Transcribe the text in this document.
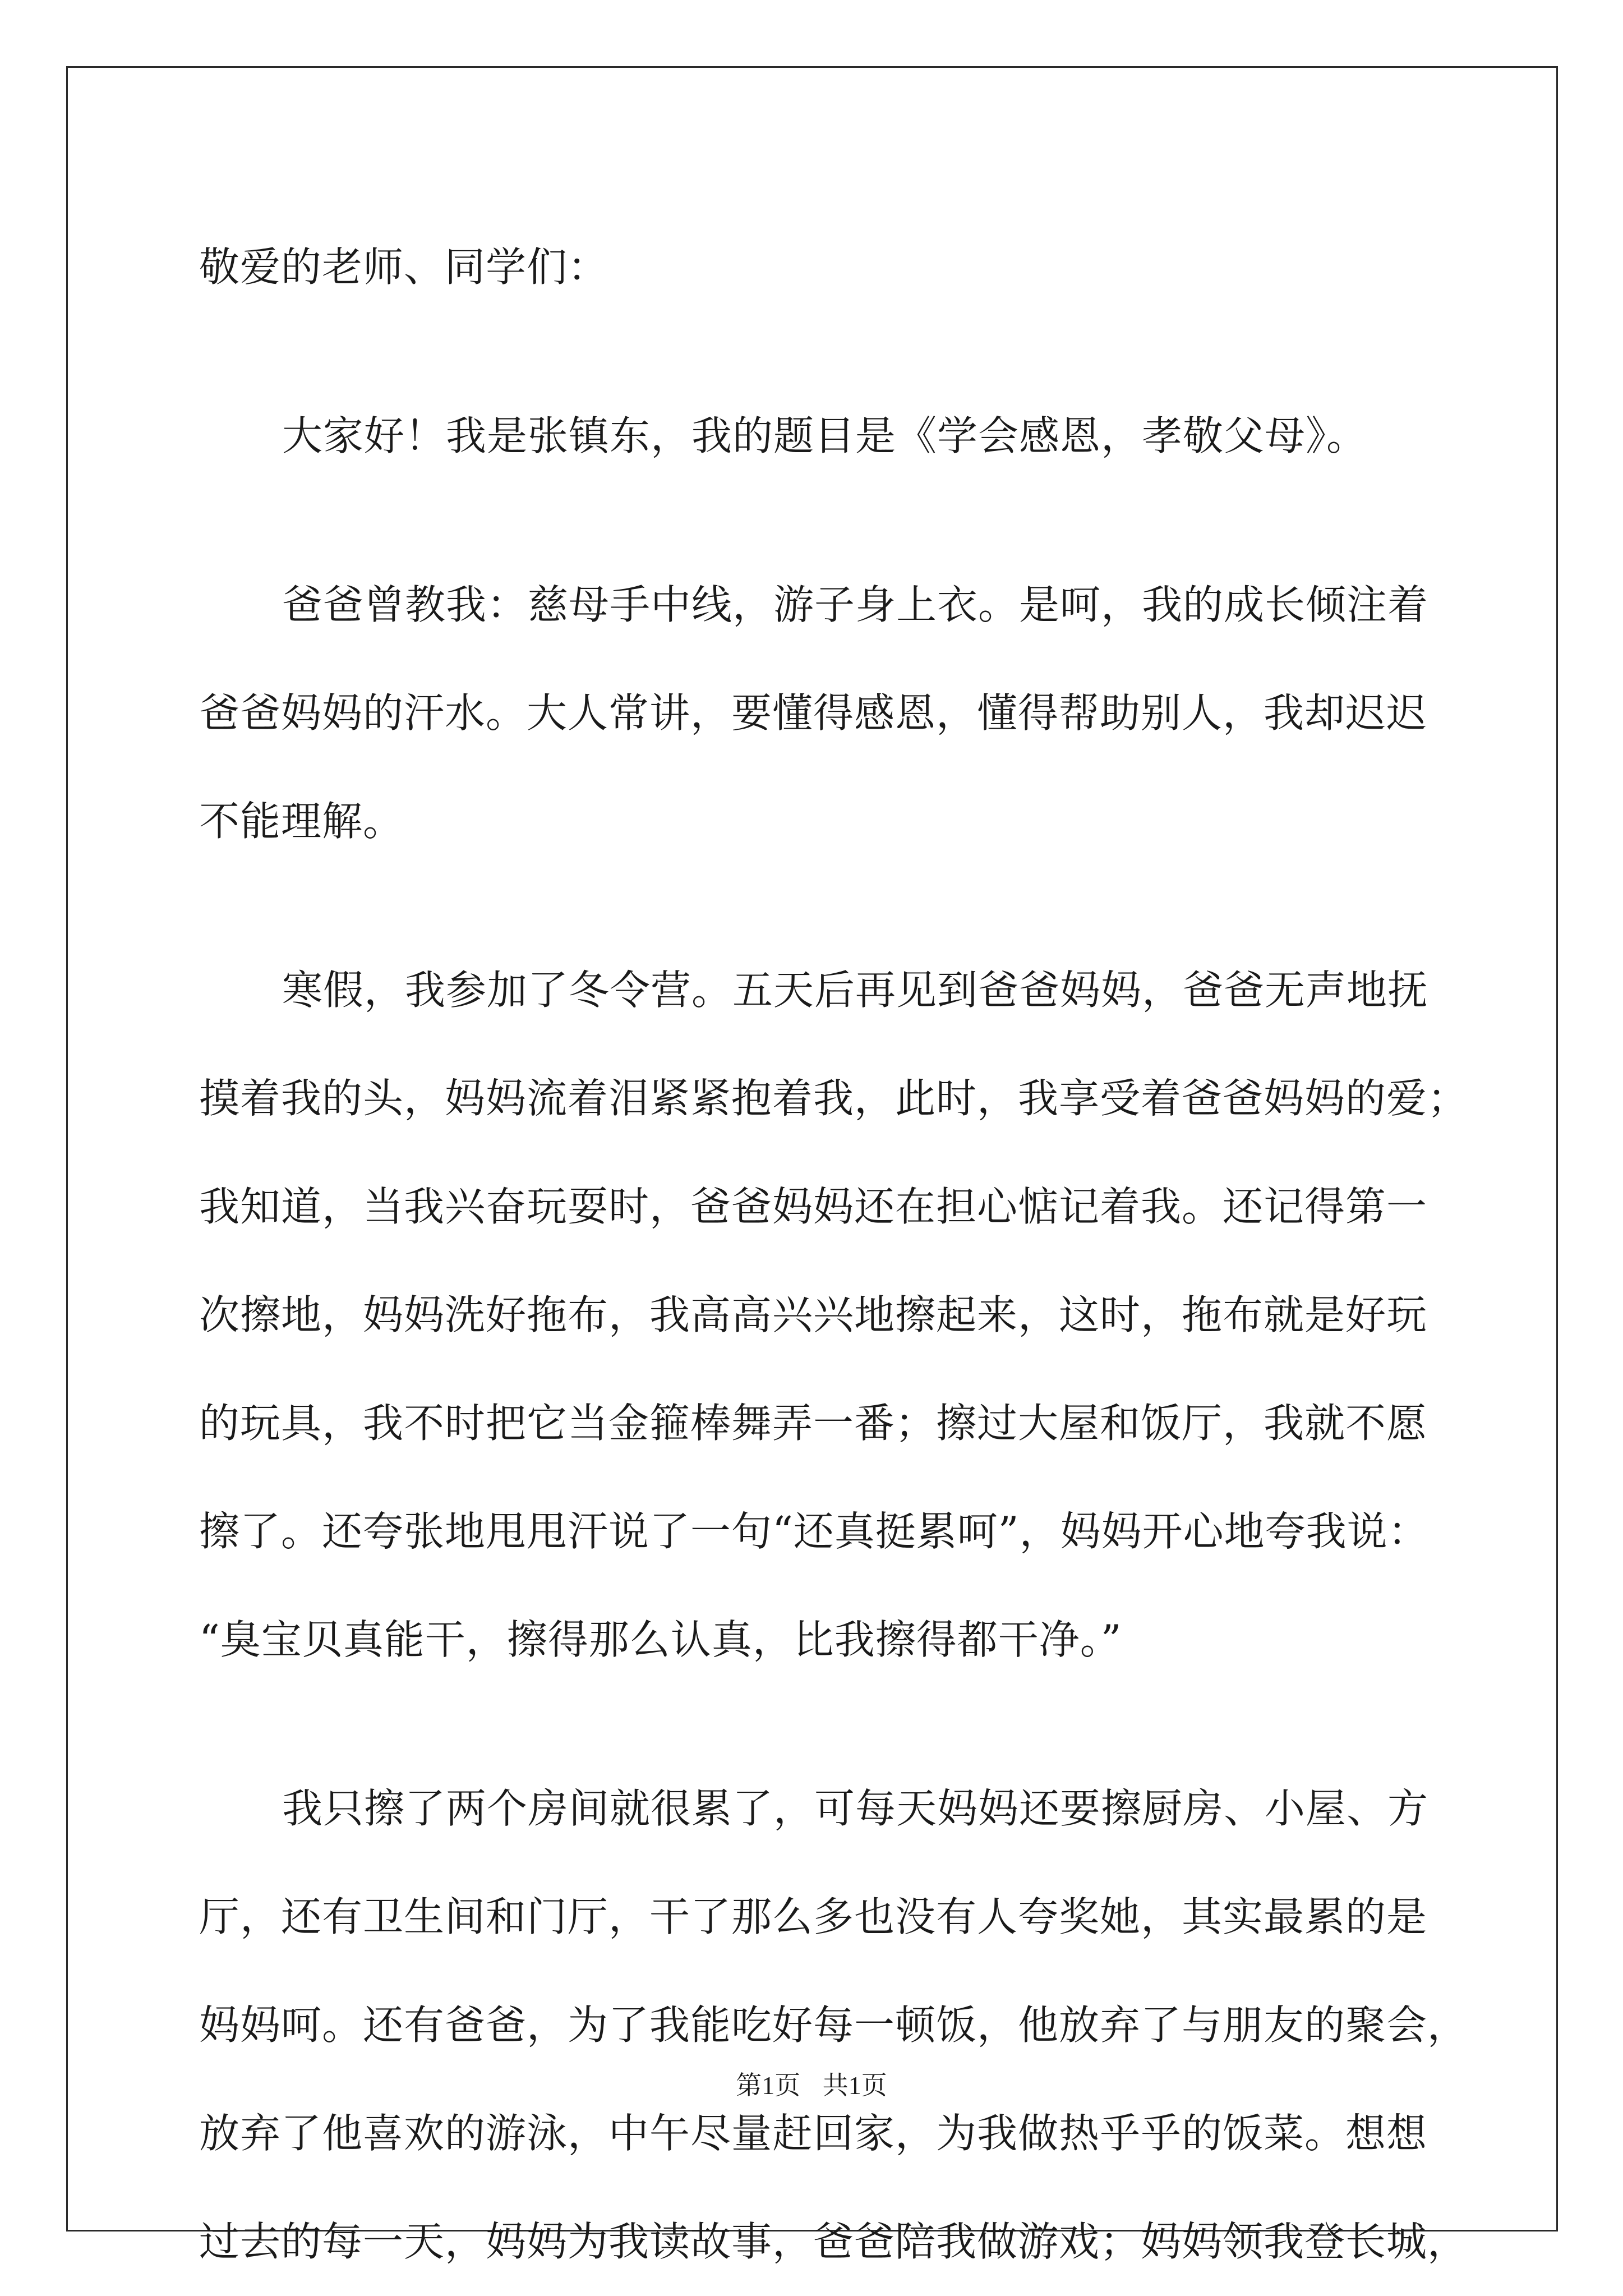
敬爱的老师、同学们：
大家好！我是张镇东，我的题目是《学会感恩，孝敬父母》。
爸爸曾教我：慈母手中线，游子身上衣。是呵，我的成长倾注着
爸爸妈妈的汗水。大人常讲，要懂得感恩，懂得帮助别人，我却迟迟
不能理解。
寒假，我参加了冬令营。五天后再见到爸爸妈妈，爸爸无声地抚
摸着我的头，妈妈流着泪紧紧抱着我，此时，我享受着爸爸妈妈的爱；
我知道，当我兴奋玩耍时，爸爸妈妈还在担心惦记着我。还记得第一
次擦地，妈妈洗好拖布，我高高兴兴地擦起来，这时，拖布就是好玩
的玩具，我不时把它当金箍棒舞弄一番；擦过大屋和饭厅，我就不愿
擦了。还夸张地甩甩汗说了一句“还真挺累呵”，妈妈开心地夸我说：
“臭宝贝真能干，擦得那么认真，比我擦得都干净。”
我只擦了两个房间就很累了，可每天妈妈还要擦厨房、小屋、方
厅，还有卫生间和门厅，干了那么多也没有人夸奖她，其实最累的是
妈妈呵。还有爸爸，为了我能吃好每一顿饭，他放弃了与朋友的聚会，
放弃了他喜欢的游泳，中午尽量赶回家，为我做热乎乎的饭菜。想想
过去的每一天，妈妈为我读故事，爸爸陪我做游戏；妈妈领我登长城，
第1页 共1页
